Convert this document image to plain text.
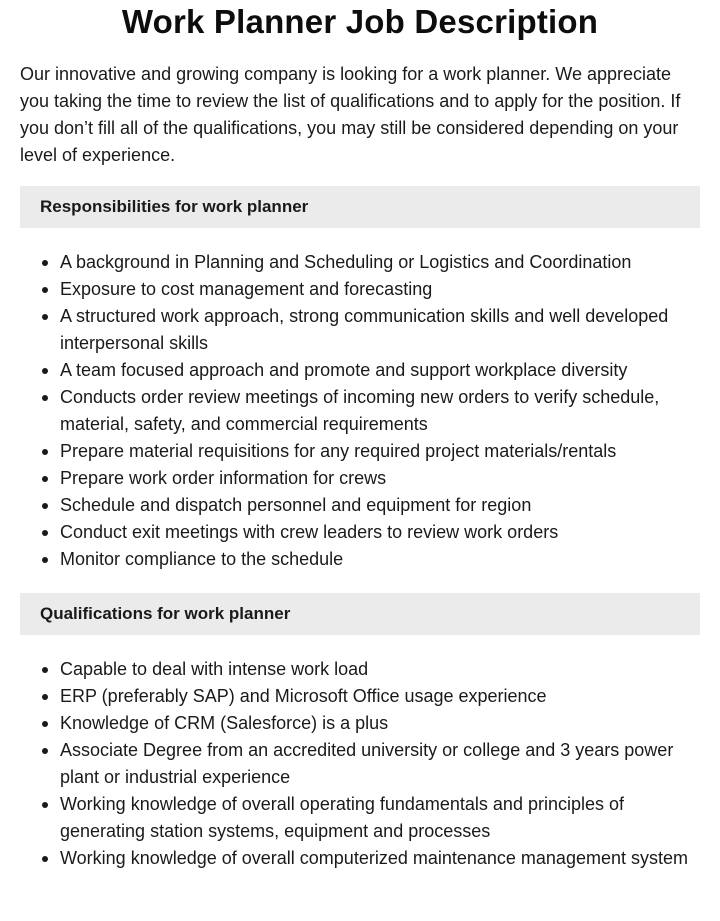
Work Planner Job Description

Our innovative and growing company is looking for a work planner. We appreciate you taking the time to review the list of qualifications and to apply for the position. If you don’t fill all of the qualifications, you may still be considered depending on your level of experience.

Responsibilities for work planner
A background in Planning and Scheduling or Logistics and Coordination
Exposure to cost management and forecasting
A structured work approach, strong communication skills and well developed interpersonal skills
A team focused approach and promote and support workplace diversity
Conducts order review meetings of incoming new orders to verify schedule, material, safety, and commercial requirements
Prepare material requisitions for any required project materials/rentals
Prepare work order information for crews
Schedule and dispatch personnel and equipment for region
Conduct exit meetings with crew leaders to review work orders
Monitor compliance to the schedule
Qualifications for work planner
Capable to deal with intense work load
ERP (preferably SAP) and Microsoft Office usage experience
Knowledge of CRM (Salesforce) is a plus
Associate Degree from an accredited university or college and 3 years power plant or industrial experience
Working knowledge of overall operating fundamentals and principles of generating station systems, equipment and processes
Working knowledge of overall computerized maintenance management system
